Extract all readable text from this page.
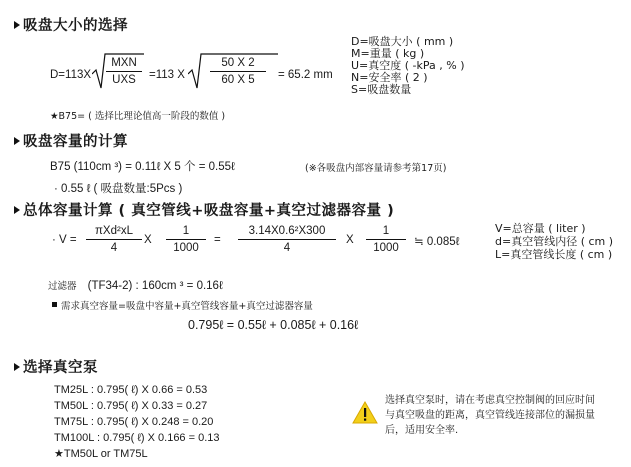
吸盘大小的选择
D=113X
MXN
UXS	=113 X $\frac{50 X 2}{60 X 5} = 65.2$ mm
D=吸盘大小 ( mm )
M=重量 ( kg )
U=真空度 ( -kPa , % )
N=安全率 ( 2 )
S=吸盘数量
★B75= ( 选择比理论值高一阶段的数值 )
吸盘容量的计算
B75 (110cm ³) = 0.11ℓ X 5 个 = 0.55ℓ	(※各吸盘内部容量请参考第17页)
· 0.55 ℓ ( 吸盘数量:5Pcs )
总体容量计算 ( 真空管线+吸盘容量+真空过滤器容量 )
· V =
πXd²xL
4
X $\frac{1}{1000} = \frac{\text{3.14X0.6²X300}}{4}$ X $\frac{1}{1000}$ ≒ 0.085ℓ
V=总容量 ( liter )
d=真空管线内径 ( cm )
L=真空管线长度 ( cm )
过滤器 (TF34-2) : 160cm ³ = 0.16ℓ
需求真空容量=吸盘中容量+真空管线容量+真空过滤器容量
0.795ℓ = 0.55ℓ + 0.085ℓ + 0.16ℓ
选择真空泵
TM25L : 0.795( ℓ) X 0.66 = 0.53
TM50L : 0.795( ℓ) X 0.33 = 0.27
TM75L : 0.795( ℓ) X 0.248 = 0.20
TM100L : 0.795( ℓ) X 0.166 = 0.13
★TM50L or TM75L
选择真空泵时，请在考虑真空控制阀的回应时间与真空吸盘的距离，真空管线连接部位的漏损量后，适用安全率.
